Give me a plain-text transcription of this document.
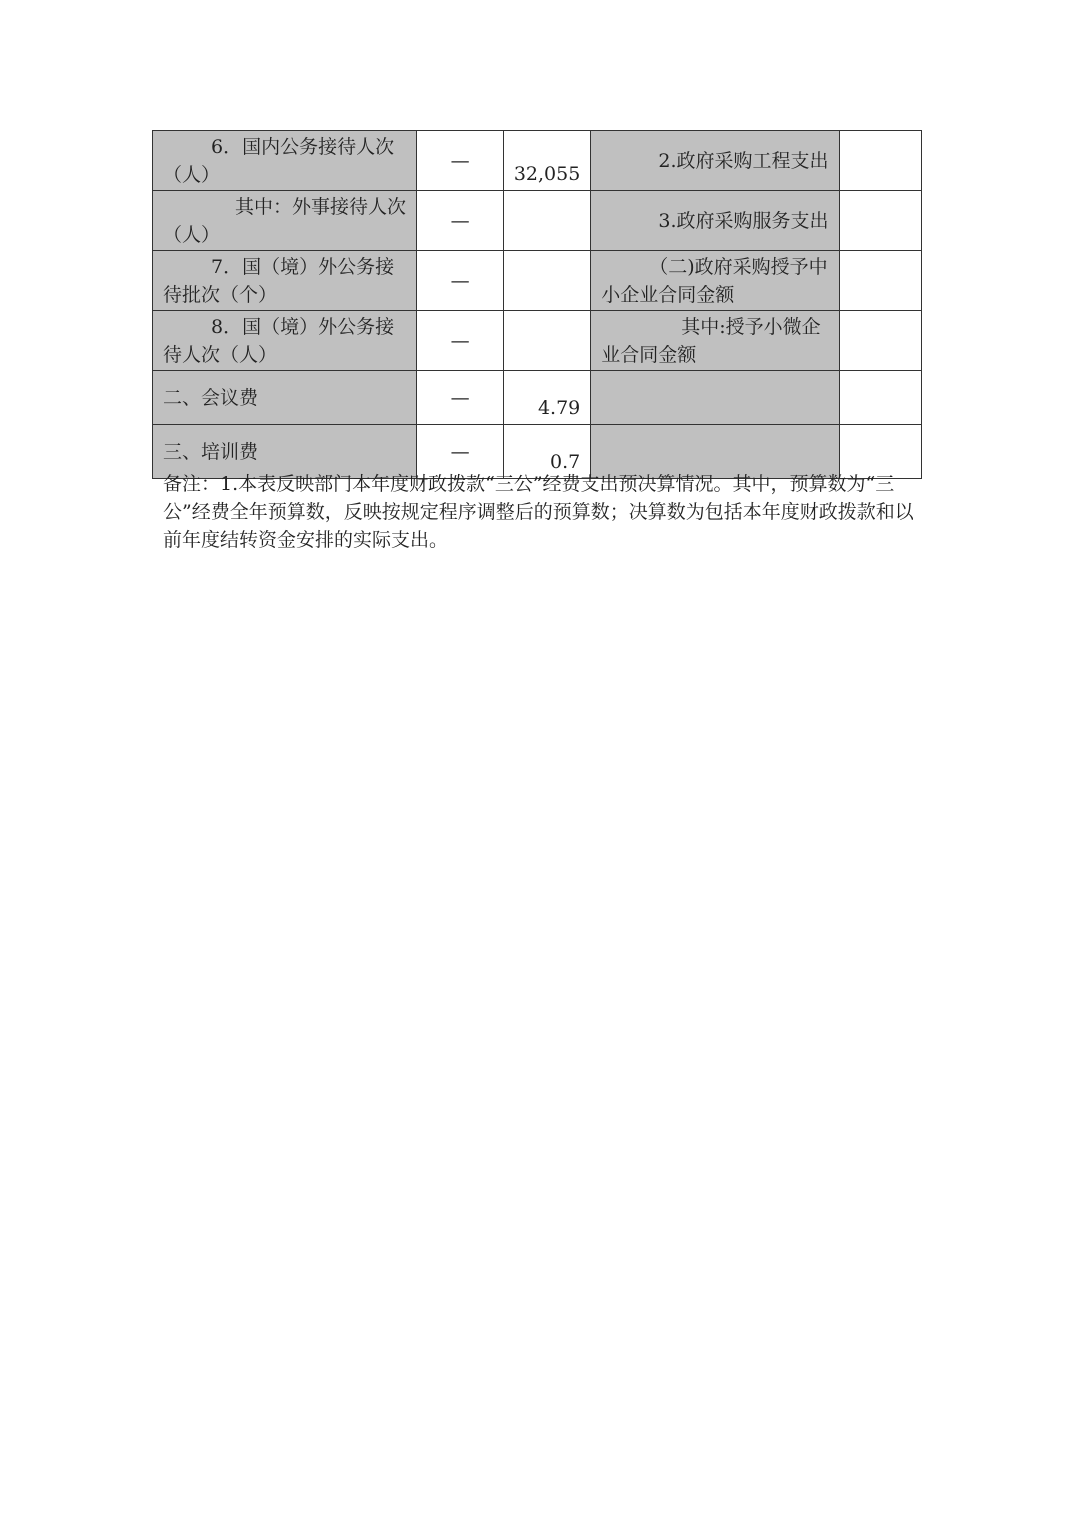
6．国内公务接待人次（人）	—	32,055	2.政府采购工程支出	
其中：外事接待人次（人）	—		3.政府采购服务支出	
7．国（境）外公务接待批次（个）	—		（二)政府采购授予中小企业合同金额	
8．国（境）外公务接待人次（人）	—		其中:授予小微企业合同金额	
二、会议费	—	4.79		
三、培训费	—	0.7		

备注：1.本表反映部门本年度财政拨款“三公”经费支出预决算情况。其中，预算数为“三公”经费全年预算数，反映按规定程序调整后的预算数；决算数为包括本年度财政拨款和以前年度结转资金安排的实际支出。
